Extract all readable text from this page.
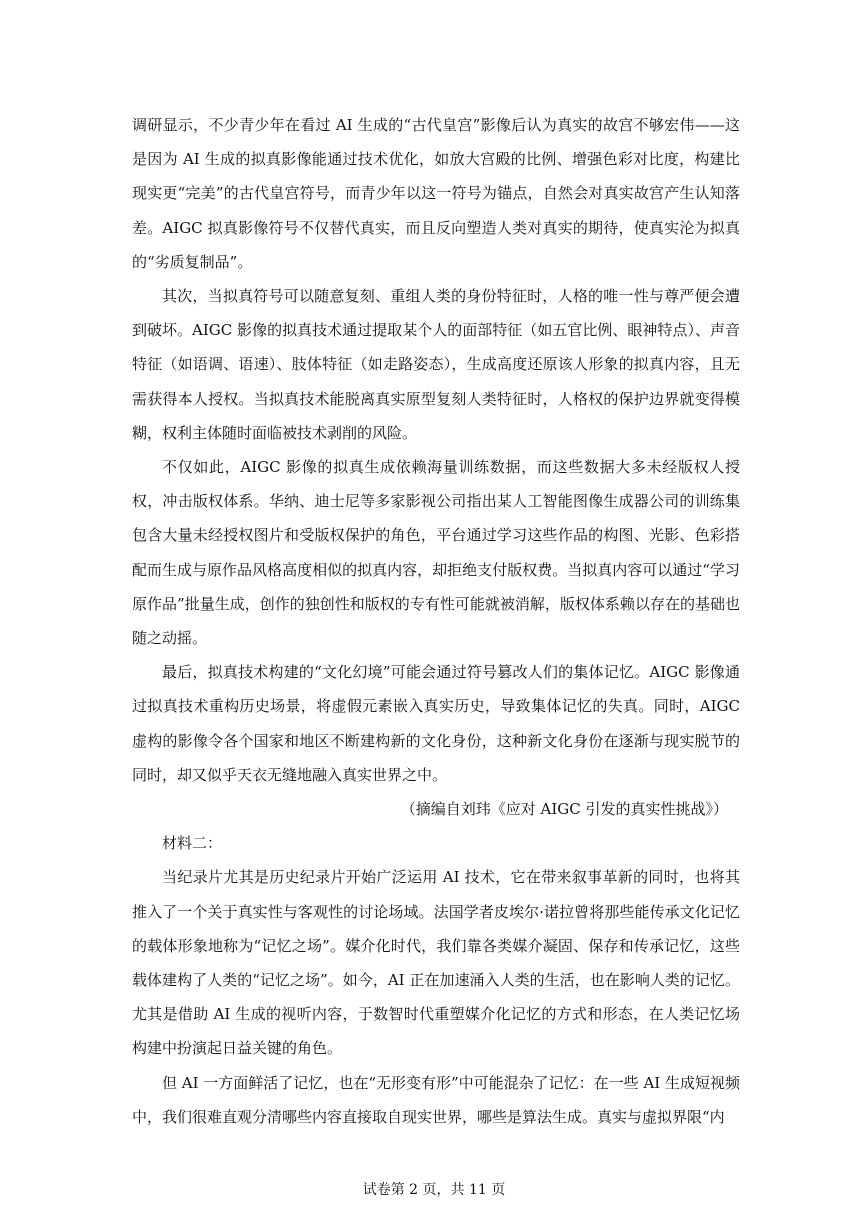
调研显示，不少青少年在看过 AI 生成的“古代皇宫”影像后认为真实的故宫不够宏伟——这是因为 AI 生成的拟真影像能通过技术优化，如放大宫殿的比例、增强色彩对比度，构建比现实更“完美”的古代皇宫符号，而青少年以这一符号为锚点，自然会对真实故宫产生认知落差。AIGC 拟真影像符号不仅替代真实，而且反向塑造人类对真实的期待，使真实沦为拟真的“劣质复制品”。

其次，当拟真符号可以随意复刻、重组人类的身份特征时，人格的唯一性与尊严便会遭到破坏。AIGC 影像的拟真技术通过提取某个人的面部特征（如五官比例、眼神特点）、声音特征（如语调、语速）、肢体特征（如走路姿态），生成高度还原该人形象的拟真内容，且无需获得本人授权。当拟真技术能脱离真实原型复刻人类特征时，人格权的保护边界就变得模糊，权利主体随时面临被技术剥削的风险。

不仅如此，AIGC 影像的拟真生成依赖海量训练数据，而这些数据大多未经版权人授权，冲击版权体系。华纳、迪士尼等多家影视公司指出某人工智能图像生成器公司的训练集包含大量未经授权图片和受版权保护的角色，平台通过学习这些作品的构图、光影、色彩搭配而生成与原作品风格高度相似的拟真内容，却拒绝支付版权费。当拟真内容可以通过“学习原作品”批量生成，创作的独创性和版权的专有性可能就被消解，版权体系赖以存在的基础也随之动摇。

最后，拟真技术构建的“文化幻境”可能会通过符号篡改人们的集体记忆。AIGC 影像通过拟真技术重构历史场景，将虚假元素嵌入真实历史，导致集体记忆的失真。同时，AIGC 虚构的影像令各个国家和地区不断建构新的文化身份，这种新文化身份在逐渐与现实脱节的同时，却又似乎天衣无缝地融入真实世界之中。

（摘编自刘玮《应对 AIGC 引发的真实性挑战》）

材料二：

当纪录片尤其是历史纪录片开始广泛运用 AI 技术，它在带来叙事革新的同时，也将其推入了一个关于真实性与客观性的讨论场域。法国学者皮埃尔·诺拉曾将那些能传承文化记忆的载体形象地称为“记忆之场”。媒介化时代，我们靠各类媒介凝固、保存和传承记忆，这些载体建构了人类的“记忆之场”。如今，AI 正在加速涌入人类的生活，也在影响人类的记忆。尤其是借助 AI 生成的视听内容，于数智时代重塑媒介化记忆的方式和形态，在人类记忆场构建中扮演起日益关键的角色。

但 AI 一方面鲜活了记忆，也在“无形变有形”中可能混杂了记忆：在一些 AI 生成短视频中，我们很难直观分清哪些内容直接取自现实世界，哪些是算法生成。真实与虚拟界限“内

试卷第 2 页，共 11 页
